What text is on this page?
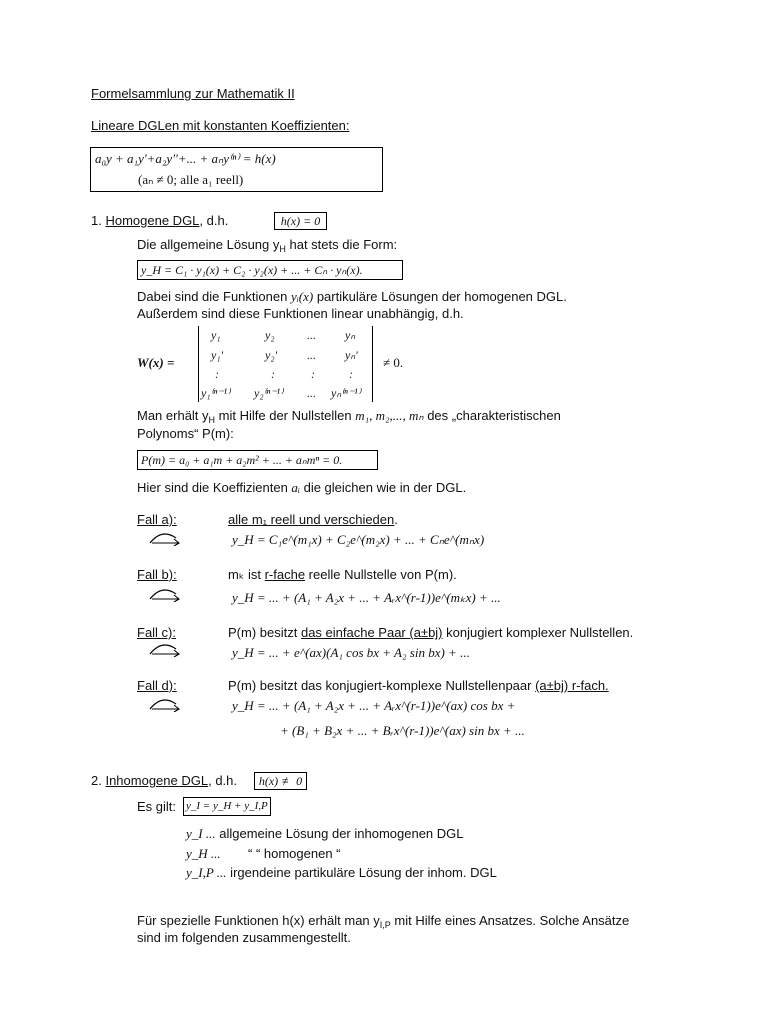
Formelsammlung zur Mathematik II
Lineare DGLen mit konstanten Koeffizienten:
a₀y + a₁y'+a₂y''+... + aₙy⁽ⁿ⁾ = h(x)
(aₙ ≠ 0; alle a₁ reell)
1. Homogene DGL, d.h.	h(x) = 0
Die allgemeine Lösung $y_H$ hat stets die Form:
y_H = C₁ · y₁(x) + C₂ · y₂(x) + ... + Cₙ · yₙ(x).
Dabei sind die Funktionen yᵢ(x) partikuläre Lösungen der homogenen DGL.
Außerdem sind diese Funktionen linear unabhängig, d.h.
W(x) =
y₁	y₂	... yₙ
y₁'	y₂' ... yₙ'
:	:	:	:
y₁⁽ⁿ⁻¹⁾ y₂⁽ⁿ⁻¹⁾ ... yₙ⁽ⁿ⁻¹⁾
≠ 0.
Man erhält $y_H$ mit Hilfe der Nullstellen m₁, m₂,..., mₙ des „charakteristischen
Polynoms“ P(m):
P(m) = a₀ + a₁m + a₂m² + ... + aₙmⁿ = 0.
Hier sind die Koeffizienten aᵢ die gleichen wie in der DGL.
Fall a):	alle m₁ reell und verschieden.
y_H = C₁e^(m₁x) + C₂e^(m₂x) + ... + Cₙe^(mₙx)
Fall b):	mₖ ist r-fache reelle Nullstelle von P(m).
y_H = ... + (A₁ + A₂x + ... + Aᵣx^(r-1))e^(mₖx) + ...
Fall c):	P(m) besitzt das einfache Paar (a±bj) konjugiert komplexer Nullstellen.
y_H = ... + e^(ax)(A₁ cos bx + A₂ sin bx) + ...
Fall d):	P(m) besitzt das konjugiert-komplexe Nullstellenpaar (a±bj) r-fach.
y_H = ... + (A₁ + A₂x + ... + Aᵣx^(r-1))e^(ax) cos bx +
+ (B₁ + B₂x + ... + Bᵣx^(r-1))e^(ax) sin bx + ...
2. Inhomogene DGL, d.h.	h(x) ≢ 0
Es gilt: y_I = y_H + y_I,P
y_I ... allgemeine Lösung der inhomogenen DGL
y_H ... “ “ homogenen “
y_I,P ... irgendeine partikuläre Lösung der inhom. DGL
Für spezielle Funktionen h(x) erhält man $y_{I,P}$ mit Hilfe eines Ansatzes. Solche Ansätze
sind im folgenden zusammengestellt.
